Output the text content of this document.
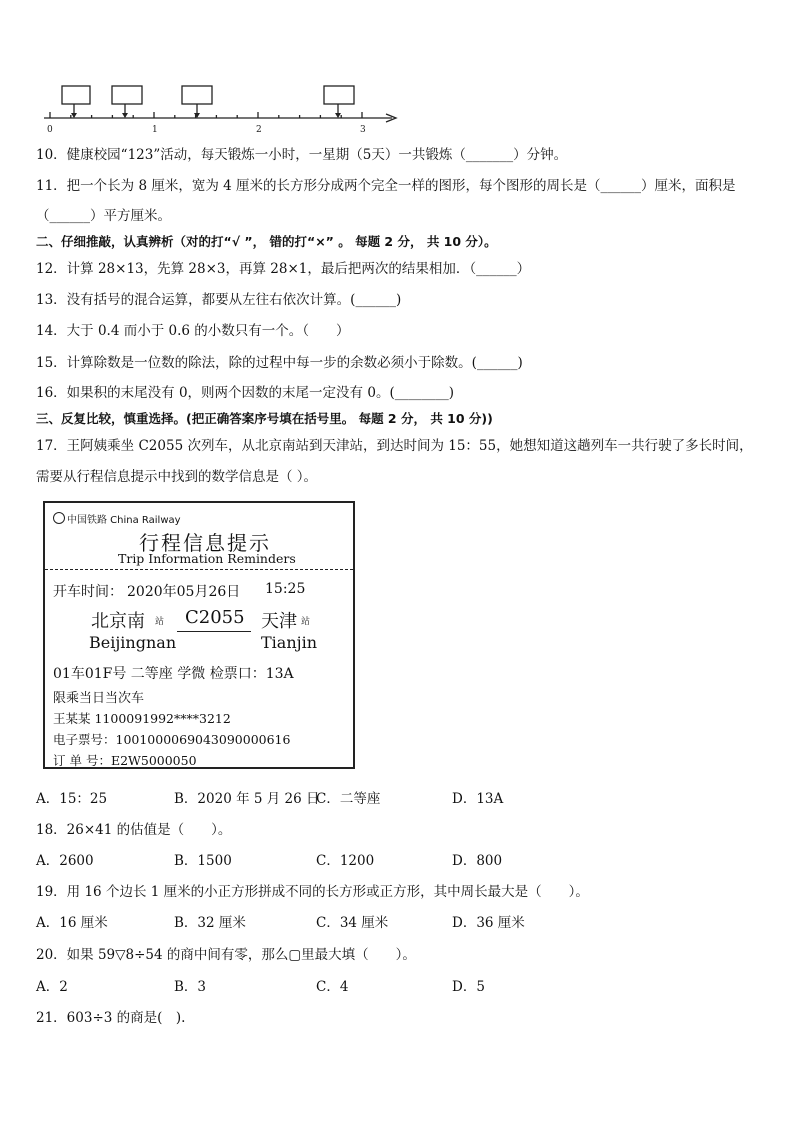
0	1	2	3
10．健康校园“123”活动，每天锻炼一小时，一星期（5天）一共锻炼（_______）分钟。
11．把一个长为 8 厘米，宽为 4 厘米的长方形分成两个完全一样的图形，每个图形的周长是（______）厘米，面积是
（______）平方厘米。
二、仔细推敲，认真辨析（对的打“√ ”， 错的打“×” 。 每题 2 分， 共 10 分）。
12．计算 28×13，先算 28×3，再算 28×1，最后把两次的结果相加．（______）
13．没有括号的混合运算，都要从左往右依次计算。(______)
14．大于 0.4 而小于 0.6 的小数只有一个。（　　）
15．计算除数是一位数的除法，除的过程中每一步的余数必须小于除数。(______)
16．如果积的末尾没有 0，则两个因数的末尾一定没有 0。(________)
三、反复比较，慎重选择。(把正确答案序号填在括号里。 每题 2 分， 共 10 分))
17．王阿姨乘坐 C2055 次列车，从北京南站到天津站，到达时间为 15：55，她想知道这趟列车一共行驶了多长时间，
需要从行程信息提示中找到的数学信息是（ ）。
中国铁路 China Railway
行程信息提示
Trip Information Reminders
开车时间： 2020年05月26日 15:25
北京南 站 C2055 天津 站
Beijingnan	Tianjin
01车01F号 二等座 学微 检票口：13A
限乘当日当次车
王某某 1100091992****3212
电子票号：1001000069043090000616
订 单 号：E2W5000050
A．15：25	B．2020 年 5 月 26 日
C．二等座	D．13A
18．26×41 的估值是（　　）。
A．2600	B．1500	C．1200	D．800
19．用 16 个边长 1 厘米的小正方形拼成不同的长方形或正方形，其中周长最大是（　　）。
A．16 厘米	B．32 厘米	C．34 厘米	D．36 厘米
20．如果 59▽8÷54 的商中间有零，那么▢里最大填（　　）。
A．2	B．3	C．4	D．5
21．603÷3 的商是(　).
